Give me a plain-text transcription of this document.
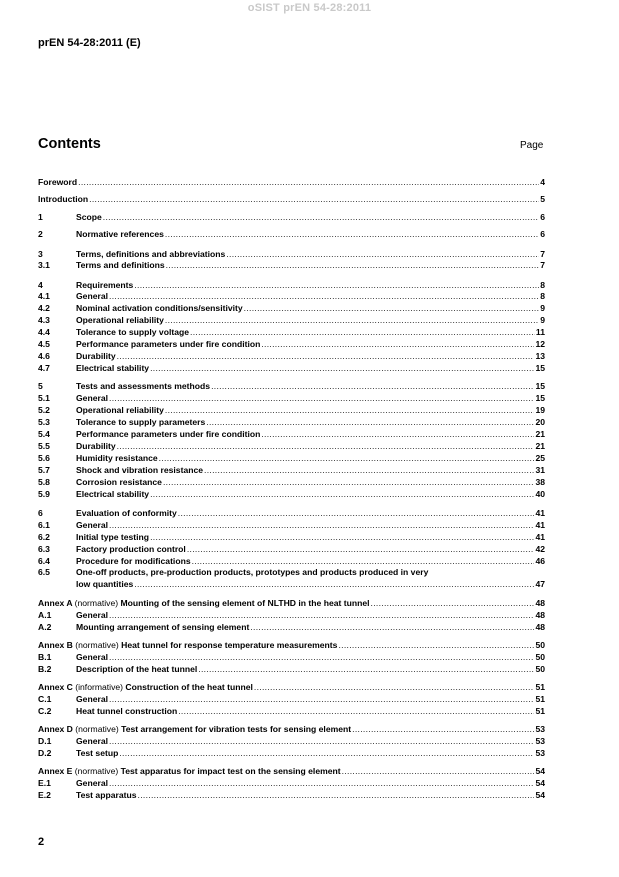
oSIST prEN 54-28:2011
prEN 54-28:2011 (E)
Contents	Page
Foreword .....	4
Introduction .....	5
1	Scope .....	6
2	Normative references .....	6
3	Terms, definitions and abbreviations .....	7
3.1	Terms and definitions .....	7
4	Requirements .....	8
4.1	General .....	8
4.2	Nominal activation conditions/sensitivity .....	9
4.3	Operational reliability .....	9
4.4	Tolerance to supply voltage .....	11
4.5	Performance parameters under fire condition .....	12
4.6	Durability .....	13
4.7	Electrical stability .....	15
5	Tests and assessments methods .....	15
5.1	General .....	15
5.2	Operational reliability .....	19
5.3	Tolerance to supply parameters .....	20
5.4	Performance parameters under fire condition .....	21
5.5	Durability .....	21
5.6	Humidity resistance .....	25
5.7	Shock and vibration resistance .....	31
5.8	Corrosion resistance .....	38
5.9	Electrical stability .....	40
6	Evaluation of conformity .....	41
6.1	General .....	41
6.2	Initial type testing .....	41
6.3	Factory production control .....	42
6.4	Procedure for modifications .....	46
6.5	One-off products, pre-production products, prototypes and products produced in very
low quantities .....	47
Annex A (normative) Mounting of the sensing element of NLTHD in the heat tunnel .....	48
A.1	General .....	48
A.2	Mounting arrangement of sensing element .....	48
Annex B (normative) Heat tunnel for response temperature measurements .....	50
B.1	General .....	50
B.2	Description of the heat tunnel .....	50
Annex C (informative) Construction of the heat tunnel .....	51
C.1	General .....	51
C.2	Heat tunnel construction .....	51
Annex D (normative) Test arrangement for vibration tests for sensing element .....	53
D.1	General .....	53
D.2	Test setup .....	53
Annex E (normative) Test apparatus for impact test on the sensing element .....	54
E.1	General .....	54
E.2	Test apparatus .....	54
2
